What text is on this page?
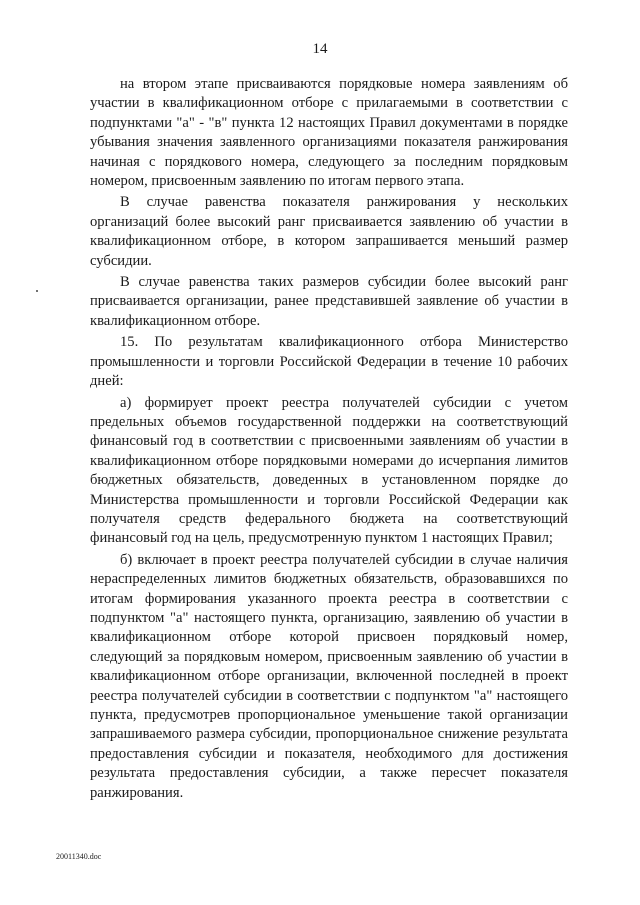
14

на втором этапе присваиваются порядковые номера заявлениям об участии в квалификационном отборе с прилагаемыми в соответствии с подпунктами "а" - "в" пункта 12 настоящих Правил документами в порядке убывания значения заявленного организациями показателя ранжирования начиная с порядкового номера, следующего за последним порядковым номером, присвоенным заявлению по итогам первого этапа.

В случае равенства показателя ранжирования у нескольких организаций более высокий ранг присваивается заявлению об участии в квалификационном отборе, в котором запрашивается меньший размер субсидии.

В случае равенства таких размеров субсидии более высокий ранг присваивается организации, ранее представившей заявление об участии в квалификационном отборе.

15. По результатам квалификационного отбора Министерство промышленности и торговли Российской Федерации в течение 10 рабочих дней:

а) формирует проект реестра получателей субсидии с учетом предельных объемов государственной поддержки на соответствующий финансовый год в соответствии с присвоенными заявлениям об участии в квалификационном отборе порядковыми номерами до исчерпания лимитов бюджетных обязательств, доведенных в установленном порядке до Министерства промышленности и торговли Российской Федерации как получателя средств федерального бюджета на соответствующий финансовый год на цель, предусмотренную пунктом 1 настоящих Правил;

б) включает в проект реестра получателей субсидии в случае наличия нераспределенных лимитов бюджетных обязательств, образовавшихся по итогам формирования указанного проекта реестра в соответствии с подпунктом "а" настоящего пункта, организацию, заявлению об участии в квалификационном отборе которой присвоен порядковый номер, следующий за порядковым номером, присвоенным заявлению об участии в квалификационном отборе организации, включенной последней в проект реестра получателей субсидии в соответствии с подпунктом "а" настоящего пункта, предусмотрев пропорциональное уменьшение такой организации запрашиваемого размера субсидии, пропорциональное снижение результата предоставления субсидии и показателя, необходимого для достижения результата предоставления субсидии, а также пересчет показателя ранжирования.

20011340.doc
